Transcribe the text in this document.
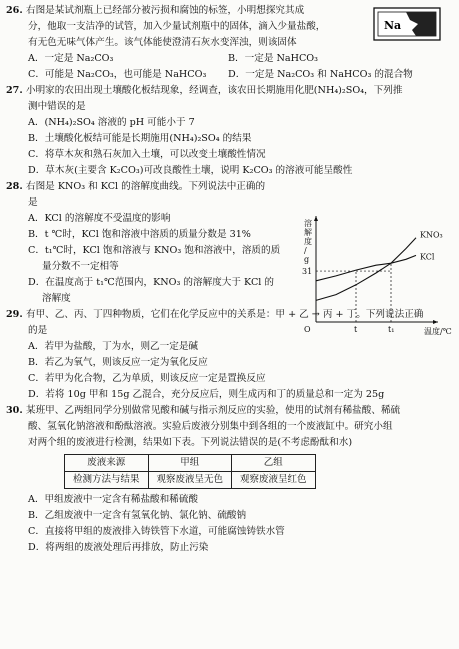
26. 右图是某试剂瓶上已经部分被污损和腐蚀的标签，小明想探究其成
分，他取一支洁净的试管，加入少量试剂瓶中的固体，滴入少量盐酸，
有无色无味气体产生。该气体能使澄清石灰水变浑浊，则该固体
A．一定是 Na₂CO₃	B．一定是 NaHCO₃
C．可能是 Na₂CO₃，也可能是 NaHCO₃ D．一定是 Na₂CO₃ 和 NaHCO₃ 的混合物
Na
27. 小明家的农田出现土壤酸化板结现象，经调查，该农田长期施用化肥(NH₄)₂SO₄，下列推
测中错误的是
A．(NH₄)₂SO₄ 溶液的 pH 可能小于 7
B．土壤酸化板结可能是长期施用(NH₄)₂SO₄ 的结果
C．将草木灰和熟石灰加入土壤，可以改变土壤酸性情况
D．草木灰(主要含 K₂CO₃)可改良酸性土壤，说明 K₂CO₃ 的溶液可能呈酸性
28. 右图是 KNO₃ 和 KCl 的溶解度曲线。下列说法中正确的
是
A．KCl 的溶解度不受温度的影响
B．t ℃时，KCl 饱和溶液中溶质的质量分数是 31%
C．t₁℃时，KCl 饱和溶液与 KNO₃ 饱和溶液中，溶质的质
量分数不一定相等
D．在温度高于 t₁℃范围内，KNO₃ 的溶解度大于 KCl 的
溶解度
溶
解
度
/
g
温度/℃
O
31
t	t₁
KNO₃
KCl
29. 有甲、乙、丙、丁四种物质，它们在化学反应中的关系是：甲 + 乙 → 丙 + 丁。下列说法正确
的是
A．若甲为盐酸，丁为水，则乙一定是碱
B．若乙为氧气，则该反应一定为氧化反应
C．若甲为化合物，乙为单质，则该反应一定是置换反应
D．若将 10g 甲和 15g 乙混合，充分反应后，则生成丙和丁的质量总和一定为 25g
30. 某班甲、乙两组同学分别做常见酸和碱与指示剂反应的实验，使用的试剂有稀盐酸、稀硫
酸、氢氧化钠溶液和酚酞溶液。实验后废液分别集中到各组的一个废液缸中。研究小组
对两个组的废液进行检测，结果如下表。下列说法错误的是(不考虑酚酞和水)
废液来源	甲组	乙组
检测方法与结果	观察废液呈无色	观察废液呈红色
A．甲组废液中一定含有稀盐酸和稀硫酸
B．乙组废液中一定含有氢氧化钠、氯化钠、硫酸钠
C．直接将甲组的废液排入铸铁管下水道，可能腐蚀铸铁水管
D．将两组的废液处理后再排放，防止污染
